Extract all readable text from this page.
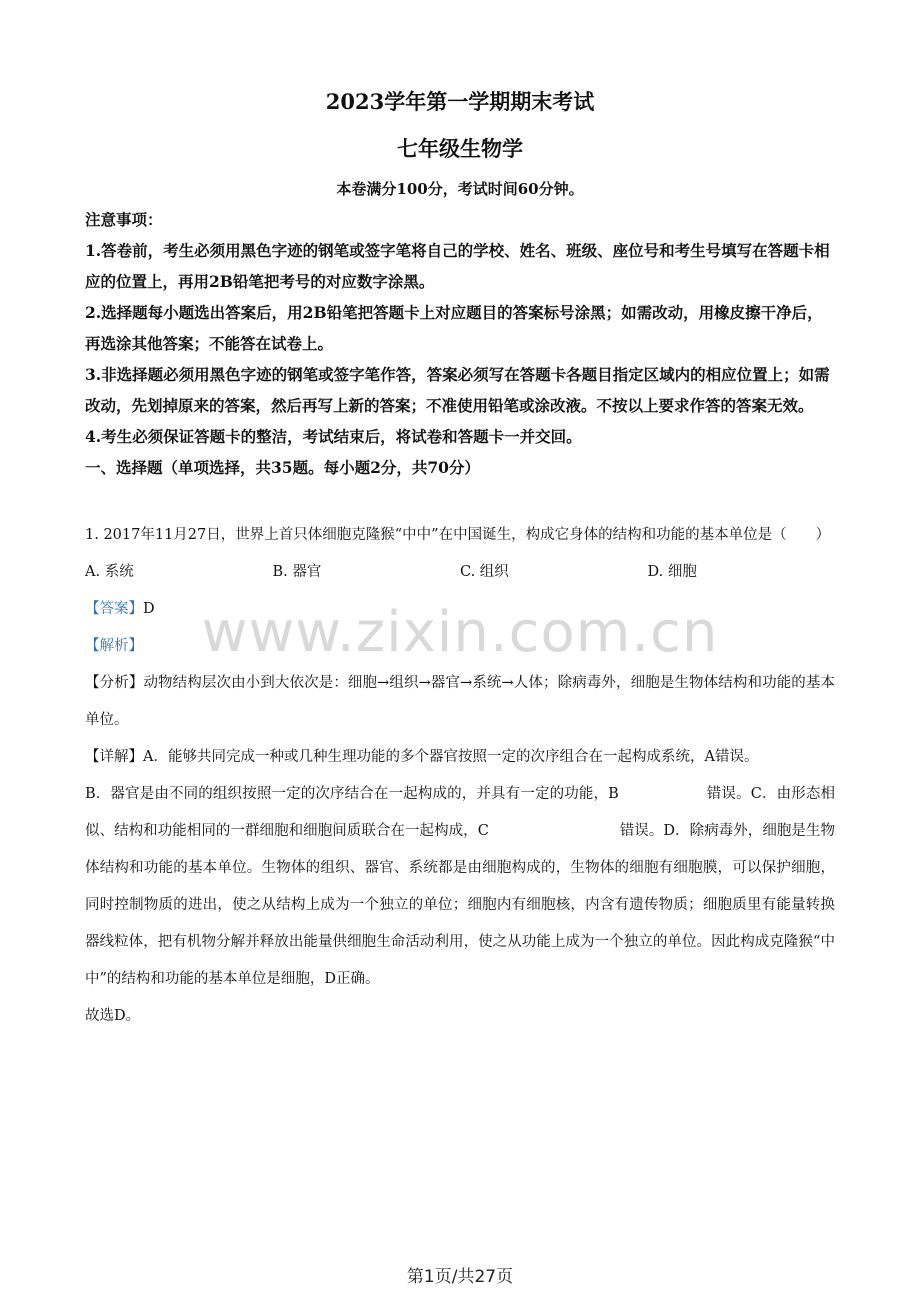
2023学年第一学期期末考试
七年级生物学
本卷满分100分，考试时间60分钟。

注意事项：

1.答卷前，考生必须用黑色字迹的钢笔或签字笔将自己的学校、姓名、班级、座位号和考生号填写在答题卡相应的位置上，再用2B铅笔把考号的对应数字涂黑。

2.选择题每小题选出答案后，用2B铅笔把答题卡上对应题目的答案标号涂黑；如需改动，用橡皮擦干净后，再选涂其他答案；不能答在试卷上。

3.非选择题必须用黑色字迹的钢笔或签字笔作答，答案必须写在答题卡各题目指定区域内的相应位置上；如需改动，先划掉原来的答案，然后再写上新的答案；不准使用铅笔或涂改液。不按以上要求作答的答案无效。

4.考生必须保证答题卡的整洁，考试结束后，将试卷和答题卡一并交回。

一、选择题（单项选择，共35题。每小题2分，共70分）

1. 2017年11月27日，世界上首只体细胞克隆猴“中中”在中国诞生，构成它身体的结构和功能的基本单位是（　　）

A. 系统	B. 器官	C. 组织	D. 细胞

【答案】D

【解析】

【分析】动物结构层次由小到大依次是：细胞→组织→器官→系统→人体；除病毒外，细胞是生物体结构和功能的基本单位。

【详解】A．能够共同完成一种或几种生理功能的多个器官按照一定的次序组合在一起构成系统，A错误。

B．器官是由不同的组织按照一定的次序结合在一起构成的，并具有一定的功能，B　　　　　　错误。C．由形态相似、结构和功能相同的一群细胞和细胞间质联合在一起构成，C　　　　　　　　　错误。D．除病毒外，细胞是生物体结构和功能的基本单位。生物体的组织、器官、系统都是由细胞构成的，生物体的细胞有细胞膜，可以保护细胞，同时控制物质的进出，使之从结构上成为一个独立的单位；细胞内有细胞核，内含有遗传物质；细胞质里有能量转换器线粒体，把有机物分解并释放出能量供细胞生命活动利用，使之从功能上成为一个独立的单位。因此构成克隆猴“中中”的结构和功能的基本单位是细胞，D正确。

故选D。

www.zixin.com.cn
第1页/共27页
